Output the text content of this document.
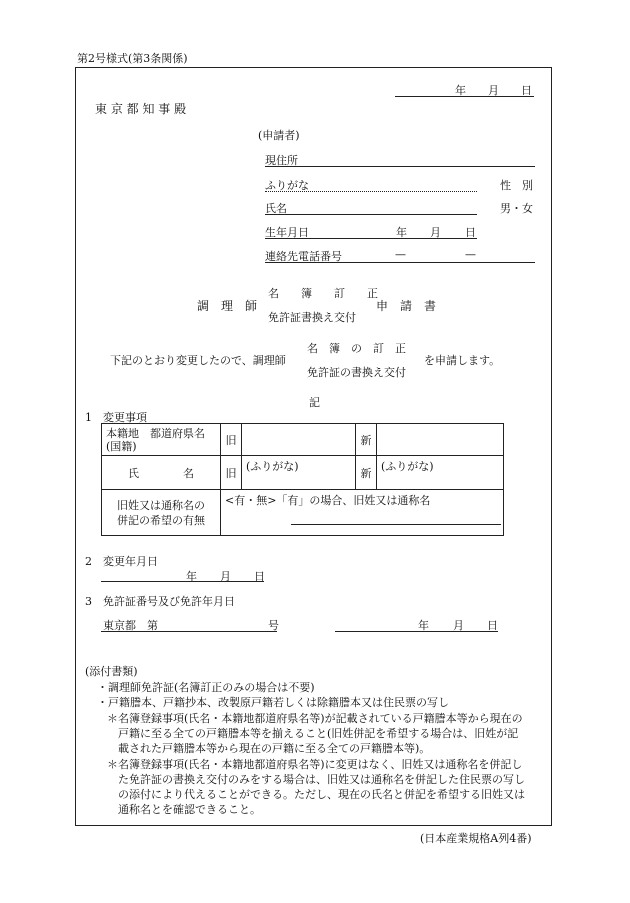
第2号様式(第3条関係)
年 月 日
東 京 都 知 事 殿
(申請者)
現住所
ふりがな	性　別
氏名	男・女
生年月日	年 月 日
連絡先電話番号	—	—
調　理　師
名　　簿　　訂　　正
免許証書換え交付
申　請　書
下記のとおり変更したので、調理師
名　簿　の　訂　正
免許証の書換え交付
を申請します。
記
1　変更事項
本籍地　都道府県名
(国籍)	旧		新	
氏　　　　名	旧	(ふりがな)	新	(ふりがな)

旧姓又は通称名の
併記の希望の有無	<有・無>「有」の場合、旧姓又は通称名			
2　変更年月日
年 月 日
3　免許証番号及び免許年月日
東京都　第	号	年 月 日
(添付書類)
・調理師免許証(名簿訂正のみの場合は不要)
・戸籍謄本、戸籍抄本、改製原戸籍若しくは除籍謄本又は住民票の写し
＊名簿登録事項(氏名・本籍地都道府県名等)が記載されている戸籍謄本等から現在の
戸籍に至る全ての戸籍謄本等を揃えること(旧姓併記を希望する場合は、旧姓が記
載された戸籍謄本等から現在の戸籍に至る全ての戸籍謄本等)。
＊名簿登録事項(氏名・本籍地都道府県名等)に変更はなく、旧姓又は通称名を併記し
た免許証の書換え交付のみをする場合は、旧姓又は通称名を併記した住民票の写し
の添付により代えることができる。ただし、現在の氏名と併記を希望する旧姓又は
通称名とを確認できること。
(日本産業規格A列4番)
